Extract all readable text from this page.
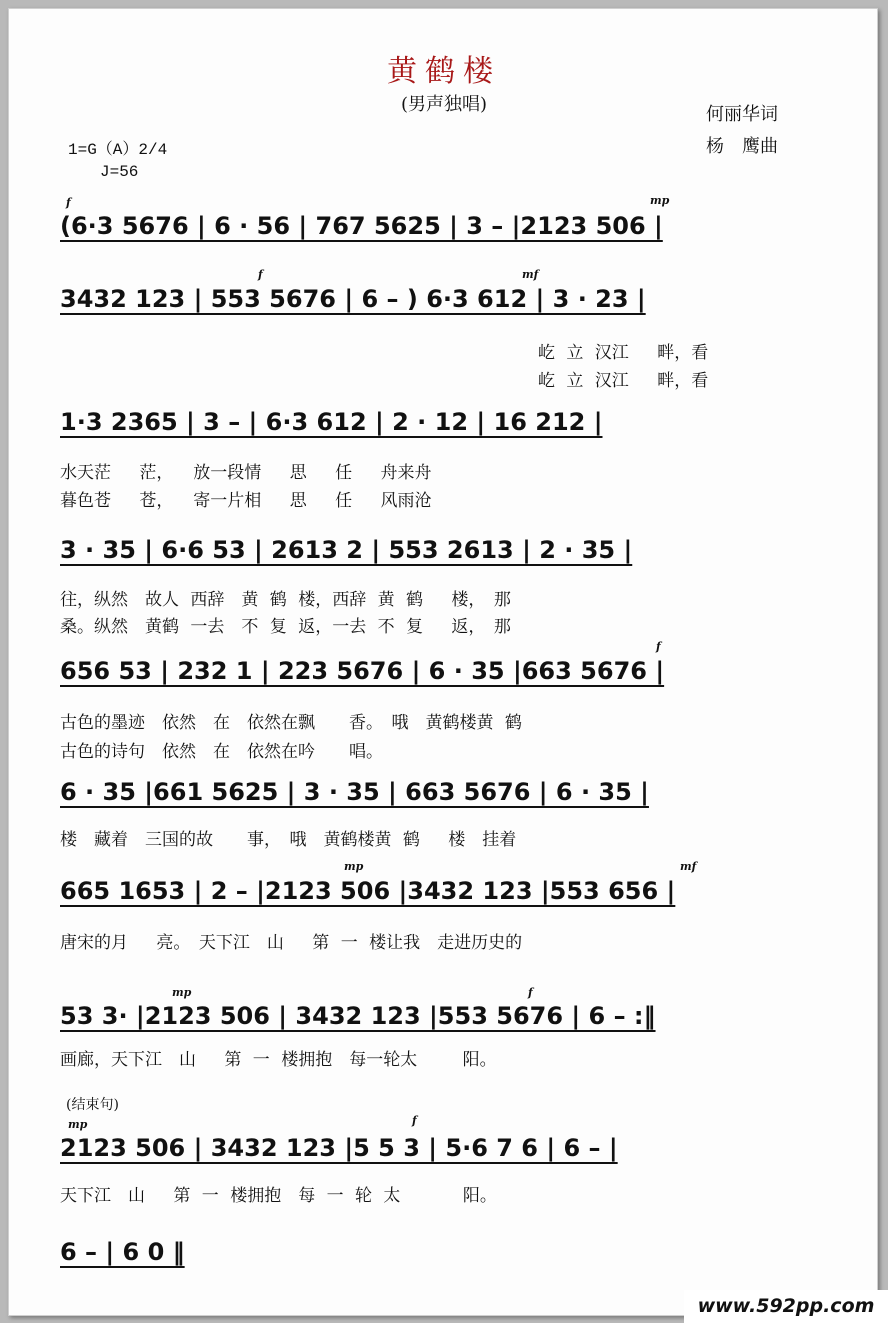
黄鹤楼
(男声独唱)	何丽华词
杨　鹰曲
1=G（A）2/4
J=56
f	mp
(6·3 5676 | 6 · 56 | 767 5625 | 3 – |2123 506 |
f	mf
3432 123 | 553 5676 | 6 – ) 6·3 612 | 3 · 23 |
屹 立 汉江　 畔，看
屹 立 汉江　 畔，看
1·3 2365 | 3 – | 6·3 612 | 2 · 12 | 16 212 |
水天茫　 茫，　 放一段情　 思　 任　 舟来舟
暮色苍　 苍，　 寄一片相　 思　 任　 风雨沧
3 · 35 | 6·6 53 | 2613 2 | 553 2613 | 2 · 35 |
往，纵然　故人 西辞　黄 鹤 楼，西辞 黄 鹤　 楼，　那
桑。纵然　黄鹤 一去　不 复 返，一去 不 复　 返，　那
f
656 53 | 232 1 | 223 5676 | 6 · 35 |663 5676 |
古色的墨迹　依然　在　依然在飘　　香。　哦　黄鹤楼黄 鹤
古色的诗句　依然　在　依然在吟　　唱。
6 · 35 |661 5625 | 3 · 35 | 663 5676 | 6 · 35 |
楼　藏着　三国的故　　事，　哦　黄鹤楼黄 鹤　 楼　挂着
mp	mf
665 1653 | 2 – |2123 506 |3432 123 |553 656 |
唐宋的月　 亮。　天下江　山　 第 一 楼让我　走进历史的
mp	f
53 3· |2123 506 | 3432 123 |553 5676 | 6 – :‖
画廊，天下江　山　 第 一 楼拥抱　每一轮太　　 阳。
(结束句)
mp	f
2123 506 | 3432 123 |5 5 3 | 5·6 7 6 | 6 – |
天下江　山　 第 一 楼拥抱　每 一 轮 太　　　 阳。
6 – | 6 0 ‖
www.592pp.com
